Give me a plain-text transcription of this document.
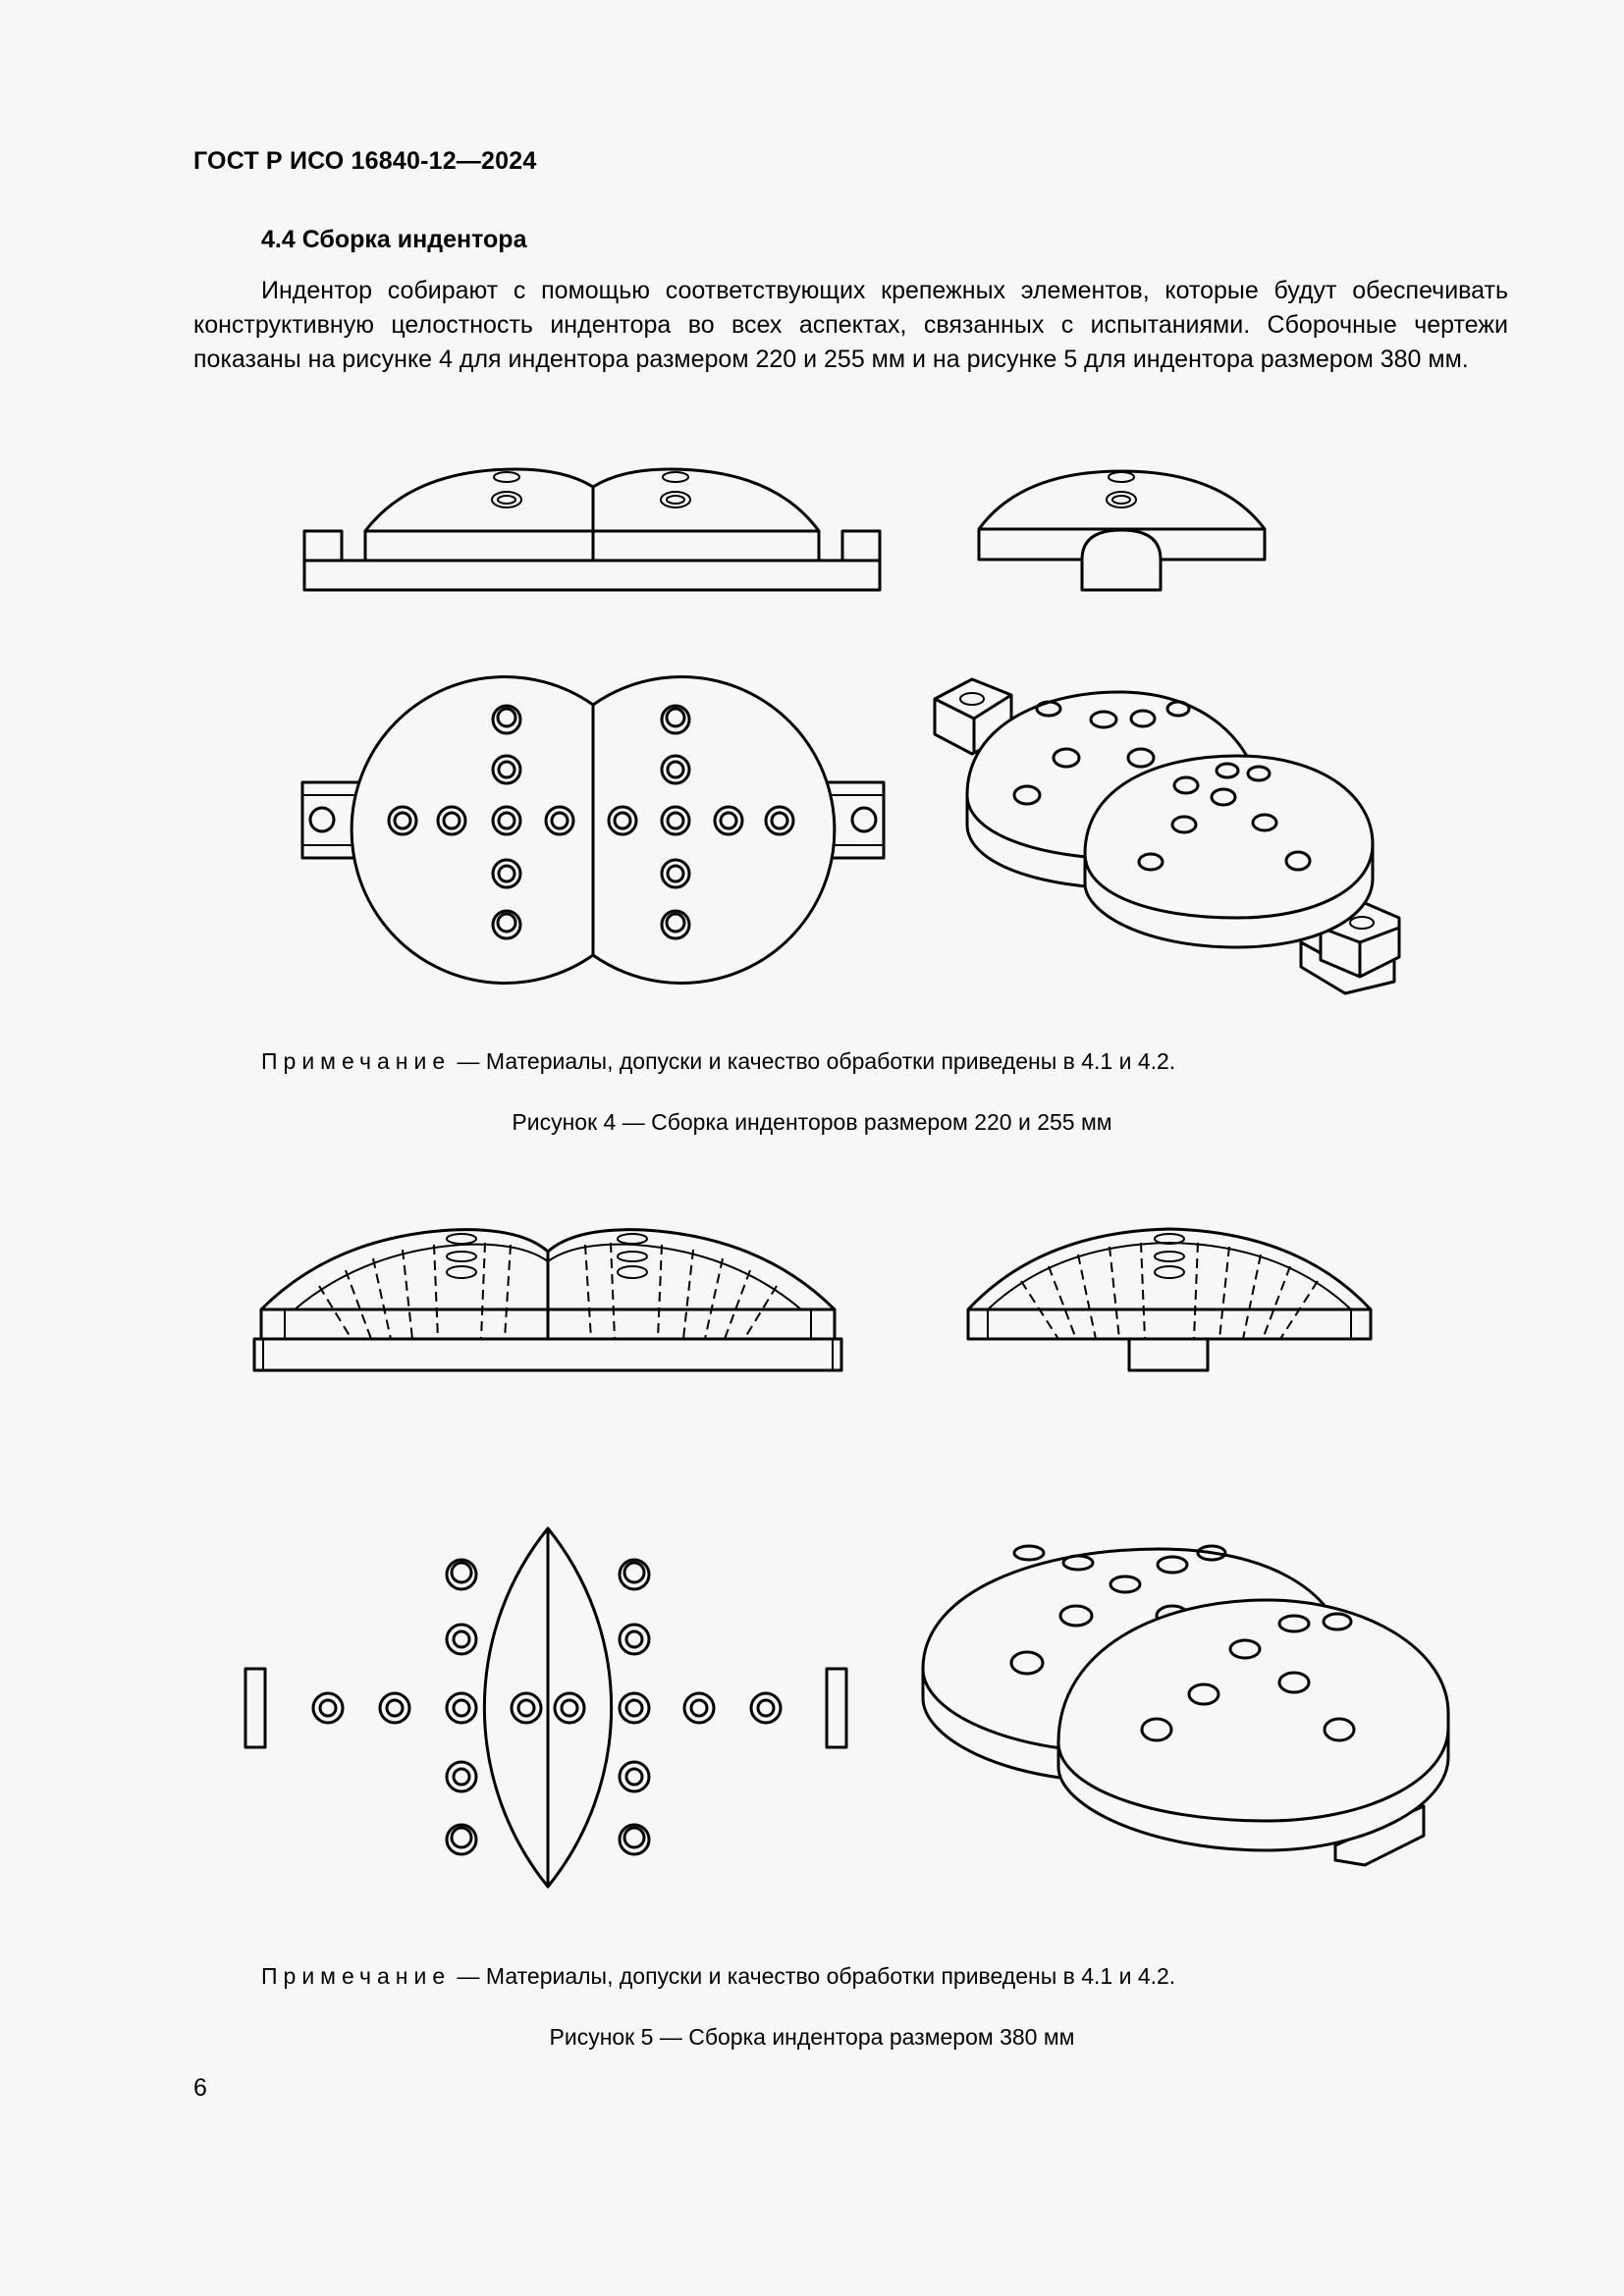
ГОСТ Р ИСО 16840-12—2024

4.4 Сборка индентора

Индентор собирают с помощью соответствующих крепежных элементов, которые будут обеспечивать конструктивную целостность индентора во всех аспектах, связанных с испытаниями. Сборочные чертежи показаны на рисунке 4 для индентора размером 220 и 255 мм и на рисунке 5 для индентора размером 380 мм.

Примечание — Материалы, допуски и качество обработки приведены в 4.1 и 4.2.

Рисунок 4 — Сборка инденторов размером 220 и 255 мм

Примечание — Материалы, допуски и качество обработки приведены в 4.1 и 4.2.

Рисунок 5 — Сборка индентора размером 380 мм

6
